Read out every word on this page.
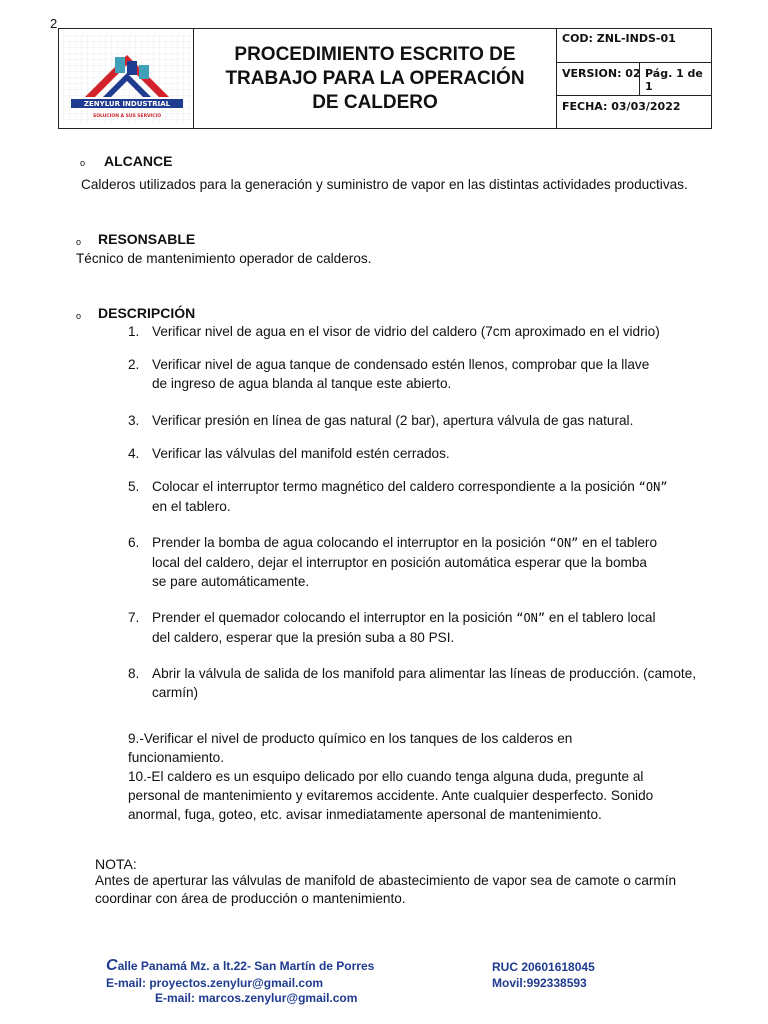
2
ZENYLUR INDUSTRIAL
SOLUCION A SUS SERVICIO
PROCEDIMIENTO ESCRITO DE
TRABAJO PARA LA OPERACIÓN
DE CALDERO
COD: ZNL-INDS-01
VERSION: 02 Pág. 1 de 1
FECHA: 03/03/2022
o ALCANCE
Calderos utilizados para la generación y suministro de vapor en las distintas actividades productivas.
o RESONSABLE
Técnico de mantenimiento operador de calderos.
o DESCRIPCIÓN
1. Verificar nivel de agua en el visor de vidrio del caldero (7cm aproximado en el vidrio)
2. Verificar nivel de agua tanque de condensado estén llenos, comprobar que la llave
de ingreso de agua blanda al tanque este abierto.
3. Verificar presión en línea de gas natural (2 bar), apertura válvula de gas natural.
4. Verificar las válvulas del manifold estén cerrados.
5. Colocar el interruptor termo magnético del caldero correspondiente a la posición “ON”
en el tablero.
6. Prender la bomba de agua colocando el interruptor en la posición “ON” en el tablero
local del caldero, dejar el interruptor en posición automática esperar que la bomba
se pare automáticamente.
7. Prender el quemador colocando el interruptor en la posición “ON” en el tablero local
del caldero, esperar que la presión suba a 80 PSI.
8. Abrir la válvula de salida de los manifold para alimentar las líneas de producción. (camote,
carmín)
9.-Verificar el nivel de producto químico en los tanques de los calderos en
funcionamiento.
10.-El caldero es un esquipo delicado por ello cuando tenga alguna duda, pregunte al
personal de mantenimiento y evitaremos accidente. Ante cualquier desperfecto. Sonido
anormal, fuga, goteo, etc. avisar inmediatamente apersonal de mantenimiento.
NOTA:
Antes de aperturar las válvulas de manifold de abastecimiento de vapor sea de camote o carmín
coordinar con área de producción o mantenimiento.
Calle Panamá Mz. a lt.22- San Martín de Porres
E-mail: proyectos.zenylur@gmail.com
E-mail: marcos.zenylur@gmail.com
RUC 20601618045
Movil:992338593
